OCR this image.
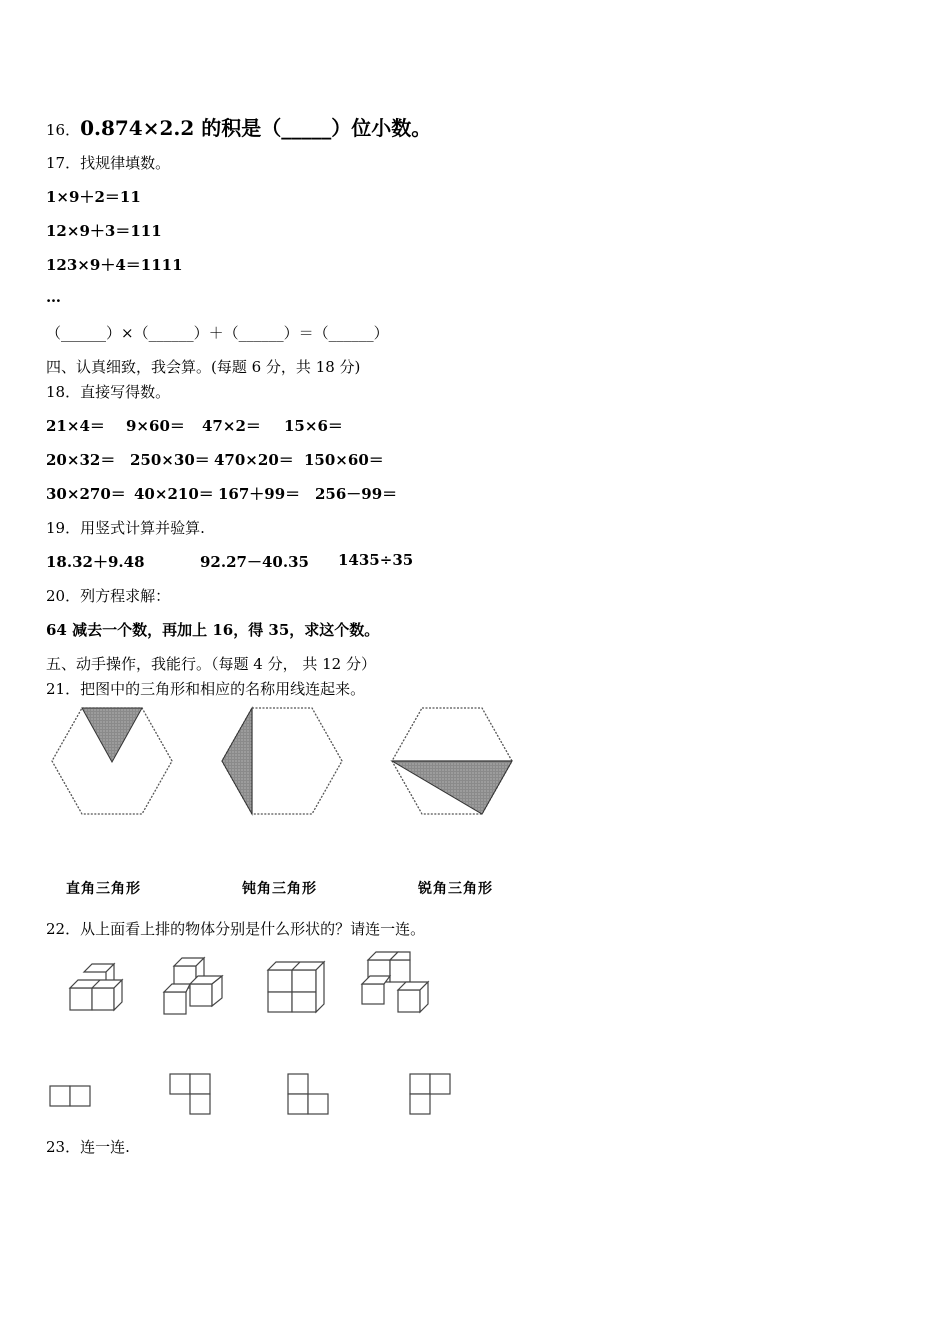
16．0.874×2.2 的积是（_____）位小数。
17．找规律填数。
1×9＋2＝11
12×9＋3＝111
123×9＋4＝1111
…
（______）×（______）＋（______）＝（______）
四、认真细致，我会算。(每题 6 分，共 18 分)
18．直接写得数。
21×4＝ 9×60＝ 47×2＝ 15×6＝
20×32＝ 250×30＝ 470×20＝ 150×60＝
30×270＝ 40×210＝ 167＋99＝ 256－99＝
19．用竖式计算并验算.
18.32＋9.48	92.27－40.35 1435÷35
20．列方程求解：
64 减去一个数，再加上 16，得 35，求这个数。
五、动手操作，我能行。（每题 4 分， 共 12 分）
21．把图中的三角形和相应的名称用线连起来。
直角三角形	钝角三角形	锐角三角形
22．从上面看上排的物体分别是什么形状的？请连一连。
23．连一连.
